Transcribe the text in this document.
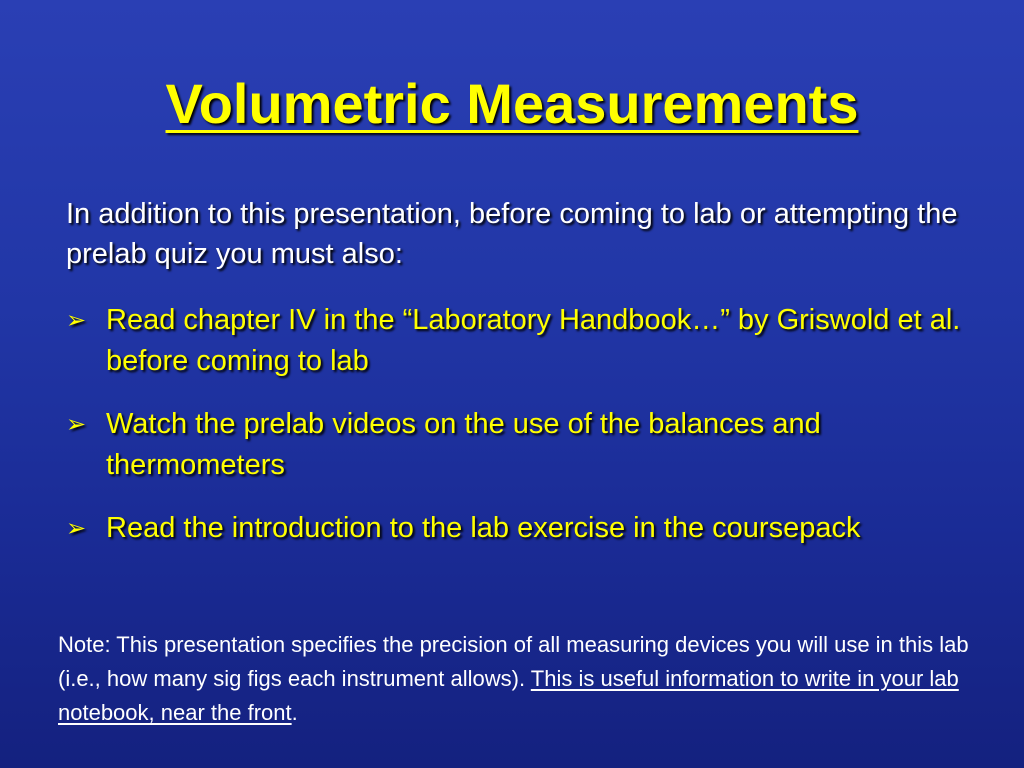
Volumetric Measurements

In addition to this presentation, before coming to lab or attempting the prelab quiz you must also:

➢ Read chapter IV in the “Laboratory Handbook…” by Griswold et al. before coming to lab
➢ Watch the prelab videos on the use of the balances and thermometers
➢ Read the introduction to the lab exercise in the coursepack

Note: This presentation specifies the precision of all measuring devices you will use in this lab (i.e., how many sig figs each instrument allows). This is useful information to write in your lab notebook, near the front.
